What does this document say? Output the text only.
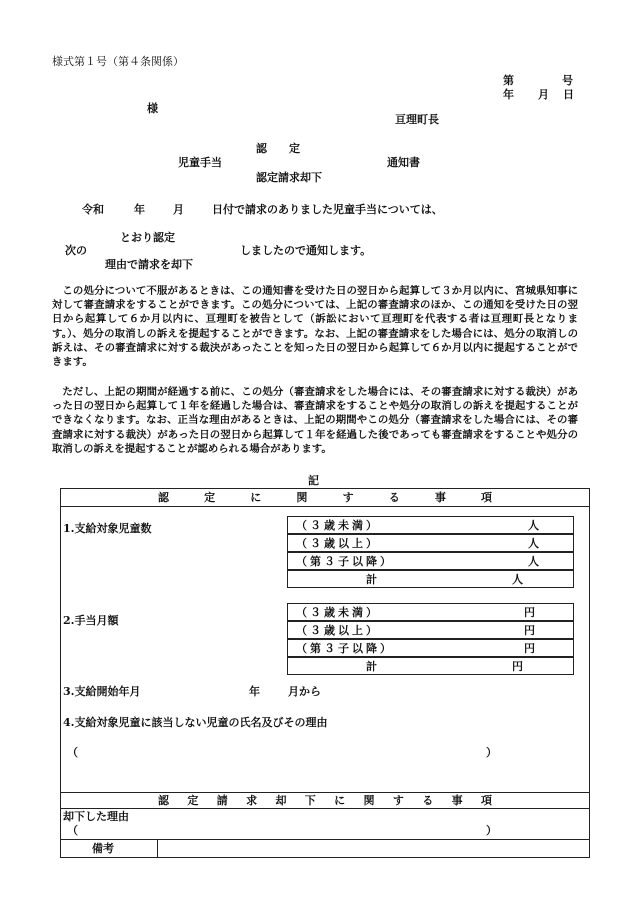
様式第１号（第４条関係）
第	号
年 月 日
様
亘理町長
認　　定
児童手当	通知書
認定請求却下
令和	年	月	日付で請求のありました児童手当については、
とおり認定
次の	しましたので通知します。
理由で請求を却下
この処分について不服があるときは、この通知書を受けた日の翌日から起算して３か月以内に、宮城県知事に対して審査請求をすることができます。この処分については、上記の審査請求のほか、この通知を受けた日の翌日から起算して６か月以内に、亘理町を被告として（訴訟において亘理町を代表する者は亘理町長となります。）、処分の取消しの訴えを提起することができます。なお、上記の審査請求をした場合には、処分の取消しの訴えは、その審査請求に対する裁決があったことを知った日の翌日から起算して６か月以内に提起することができます。
ただし、上記の期間が経過する前に、この処分（審査請求をした場合には、その審査請求に対する裁決）があった日の翌日から起算して１年を経過した場合は、審査請求をすることや処分の取消しの訴えを提起することができなくなります。なお、正当な理由があるときは、上記の期間やこの処分（審査請求をした場合には、その審査請求に対する裁決）があった日の翌日から起算して１年を経過した後であっても審査請求をすることや処分の取消しの訴えを提起することが認められる場合があります。
記
認	定	に	関	す	る	事	項
1.支給対象児童数	（３歳未満）	人
（３歳以上）	人
（第３子以降）	人
計	人
2.手当月額
（３歳未満）	円
（３歳以上）	円
（第３子以降）	円
計	円
3.支給開始年月	年	月から
4.支給対象児童に該当しない児童の氏名及びその理由
（	）
認 定 請 求 却 下 に 関 す る 事 項
却下した理由
（	）
備考
